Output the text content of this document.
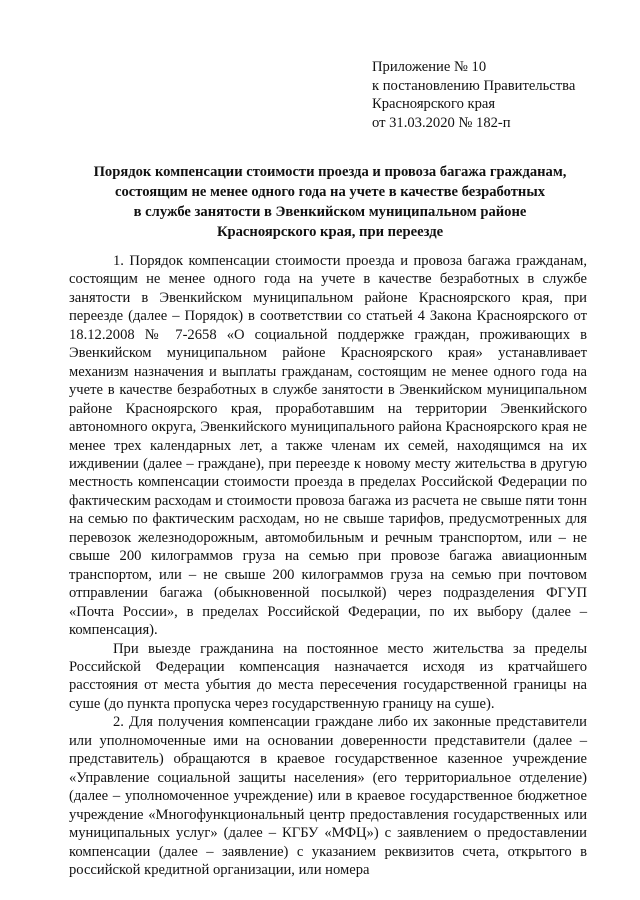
Приложение № 10
к постановлению Правительства
Красноярского края
от 31.03.2020 № 182-п
Порядок компенсации стоимости проезда и провоза багажа гражданам,
состоящим не менее одного года на учете в качестве безработных
в службе занятости в Эвенкийском муниципальном районе
Красноярского края, при переезде

1. Порядок компенсации стоимости проезда и провоза багажа гражданам, состоящим не менее одного года на учете в качестве безработных в службе занятости в Эвенкийском муниципальном районе Красноярского края, при переезде (далее – Порядок) в соответствии со статьей 4 Закона Красноярского от 18.12.2008 № 7-2658 «О социальной поддержке граждан, проживающих в Эвенкийском муниципальном районе Красноярского края» устанавливает механизм назначения и выплаты гражданам, состоящим не менее одного года на учете в качестве безработных в службе занятости в Эвенкийском муниципальном районе Красноярского края, проработавшим на территории Эвенкийского автономного округа, Эвенкийского муниципального района Красноярского края не менее трех календарных лет, а также членам их семей, находящимся на их иждивении (далее – граждане), при переезде к новому месту жительства в другую местность компенсации стоимости проезда в пределах Российской Федерации по фактическим расходам и стоимости провоза багажа из расчета не свыше пяти тонн на семью по фактическим расходам, но не свыше тарифов, предусмотренных для перевозок железнодорожным, автомобильным и речным транспортом, или – не свыше 200 килограммов груза на семью при провозе багажа авиационным транспортом, или – не свыше 200 килограммов груза на семью при почтовом отправлении багажа (обыкновенной посылкой) через подразделения ФГУП «Почта России», в пределах Российской Федерации, по их выбору (далее – компенсация).

При выезде гражданина на постоянное место жительства за пределы Российской Федерации компенсация назначается исходя из кратчайшего расстояния от места убытия до места пересечения государственной границы на суше (до пункта пропуска через государственную границу на суше).

2. Для получения компенсации граждане либо их законные представители или уполномоченные ими на основании доверенности представители (далее – представитель) обращаются в краевое государственное казенное учреждение «Управление социальной защиты населения» (его территориальное отделение) (далее – уполномоченное учреждение) или в краевое государственное бюджетное учреждение «Многофункциональный центр предоставления государственных или муниципальных услуг» (далее – КГБУ «МФЦ») с заявлением о предоставлении компенсации (далее – заявление) с указанием реквизитов счета, открытого в российской кредитной организации, или номера
